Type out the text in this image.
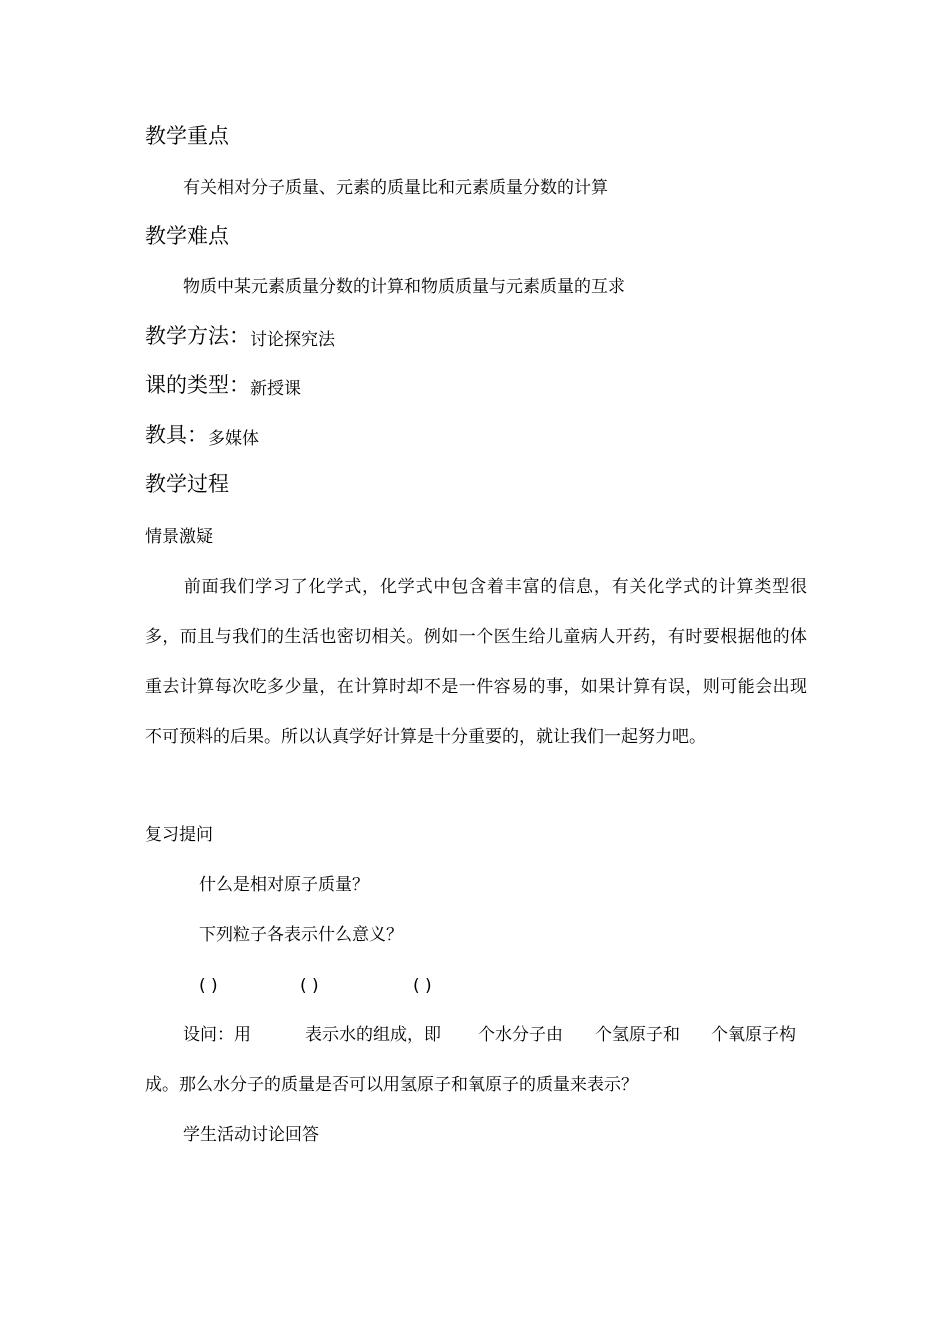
教学重点
有关相对分子质量、元素的质量比和元素质量分数的计算
教学难点
物质中某元素质量分数的计算和物质质量与元素质量的互求
教学方法：讨论探究法
课的类型：新授课
教具：多媒体
教学过程
情景激疑
前面我们学习了化学式，化学式中包含着丰富的信息，有关化学式的计算类型很多，而且与我们的生活也密切相关。例如一个医生给儿童病人开药，有时要根据他的体重去计算每次吃多少量，在计算时却不是一件容易的事，如果计算有误，则可能会出现不可预料的后果。所以认真学好计算是十分重要的，就让我们一起努力吧。
复习提问
什么是相对原子质量？
下列粒子各表示什么意义？
( )	( )	( )
设问：用	表示水的组成，即 个水分子由 个氢原子和 个氧原子构
成。那么水分子的质量是否可以用氢原子和氧原子的质量来表示？
学生活动讨论回答
